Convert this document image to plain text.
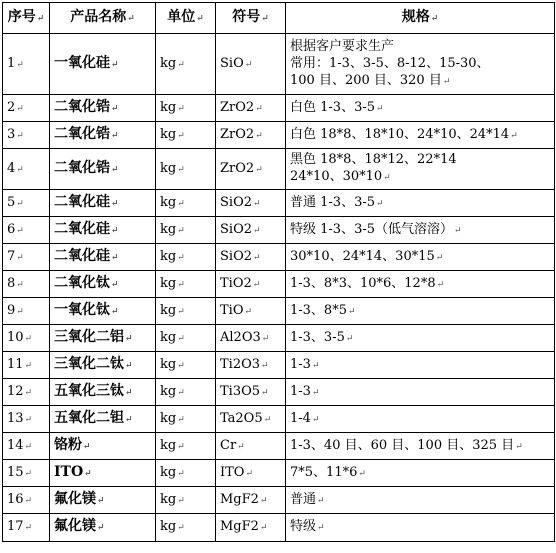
序号↵	产品名称↵	单位↵	符号↵	规格↵
1↵	一氧化硅↵	kg↵	SiO↵	根据客户要求生产
常用：1-3、3-5、8-12、15-30、
100 目、200 目、320 目↵

2↵	二氧化锆↵	kg↵	ZrO2↵	白色 1-3、3-5↵

3↵	二氧化锆↵	kg↵	ZrO2↵	白色 18*8、18*10、24*10、24*14↵

4↵	二氧化锆↵	kg↵	ZrO2↵	黑色 18*8、18*12、22*14
24*10、30*10↵

5↵	二氧化硅↵	kg↵	SiO2↵	普通 1-3、3-5↵

6↵	二氧化硅↵	kg↵	SiO2↵	特级 1-3、3-5（低气溶溶）↵

7↵	二氧化硅↵	kg↵	SiO2↵	30*10、24*14、30*15↵

8↵	二氧化钛↵	kg↵	TiO2↵	1-3、8*3、10*6、12*8↵

9↵	一氧化钛↵	kg↵	TiO↵	1-3、8*5↵

10↵	三氧化二铝↵	kg↵	Al2O3↵	1-3、3-5↵

11↵	三氧化二钛↵	kg↵	Ti2O3↵	1-3↵

12↵	五氧化三钛↵	kg↵	Ti3O5↵	1-3↵

13↵	五氧化二钽↵	kg↵	Ta2O5↵	1-4↵

14↵	铬粉↵	kg↵	Cr↵	1-3、40 目、60 目、100 目、325 目↵

15↵	ITO↵	kg↵	ITO↵	7*5、11*6↵

16↵	氟化镁↵	kg↵	MgF2↵	普通↵

17↵	氟化镁↵	kg↵	MgF2↵	特级↵
